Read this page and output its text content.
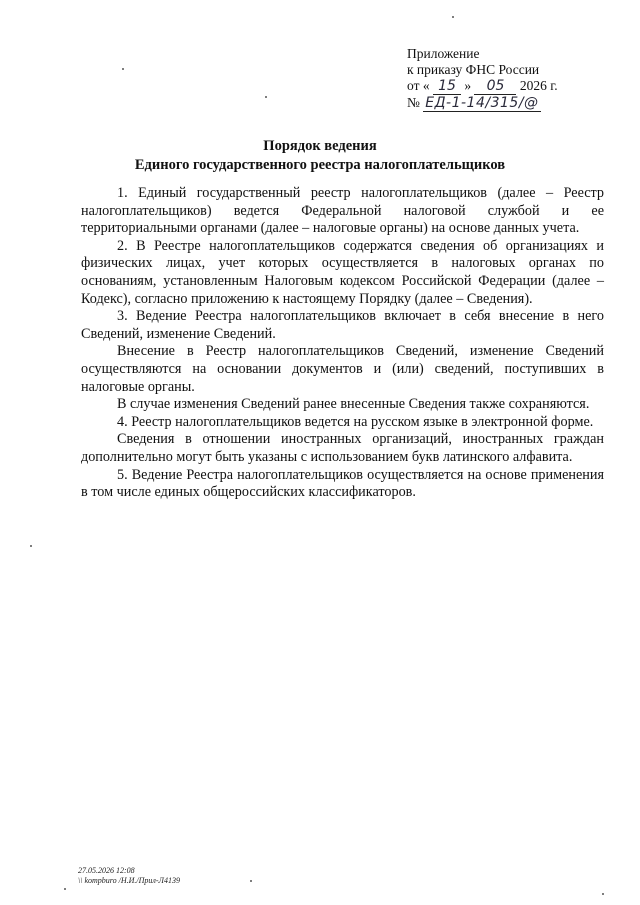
Приложение
к приказу ФНС России
от « 15 » 05 2026 г.
№ ЕД-1-14/315/@
Порядок ведения
Единого государственного реестра налогоплательщиков

1. Единый государственный реестр налогоплательщиков (далее – Реестр налогоплательщиков) ведется Федеральной налоговой службой и ее территориальными органами (далее – налоговые органы) на основе данных учета.

2. В Реестре налогоплательщиков содержатся сведения об организациях и физических лицах, учет которых осуществляется в налоговых органах по основаниям, установленным Налоговым кодексом Российской Федерации (далее – Кодекс), согласно приложению к настоящему Порядку (далее – Сведения).

3. Ведение Реестра налогоплательщиков включает в себя внесение в него Сведений, изменение Сведений.

Внесение в Реестр налогоплательщиков Сведений, изменение Сведений осуществляются на основании документов и (или) сведений, поступивших в налоговые органы.

В случае изменения Сведений ранее внесенные Сведения также сохраняются.

4. Реестр налогоплательщиков ведется на русском языке в электронной форме.

Сведения в отношении иностранных организаций, иностранных граждан дополнительно могут быть указаны с использованием букв латинского алфавита.

5. Ведение Реестра налогоплательщиков осуществляется на основе применения в том числе единых общероссийских классификаторов.

27.05.2026 12:08
\\ kompburo /Н.И./Прил-Л4139
